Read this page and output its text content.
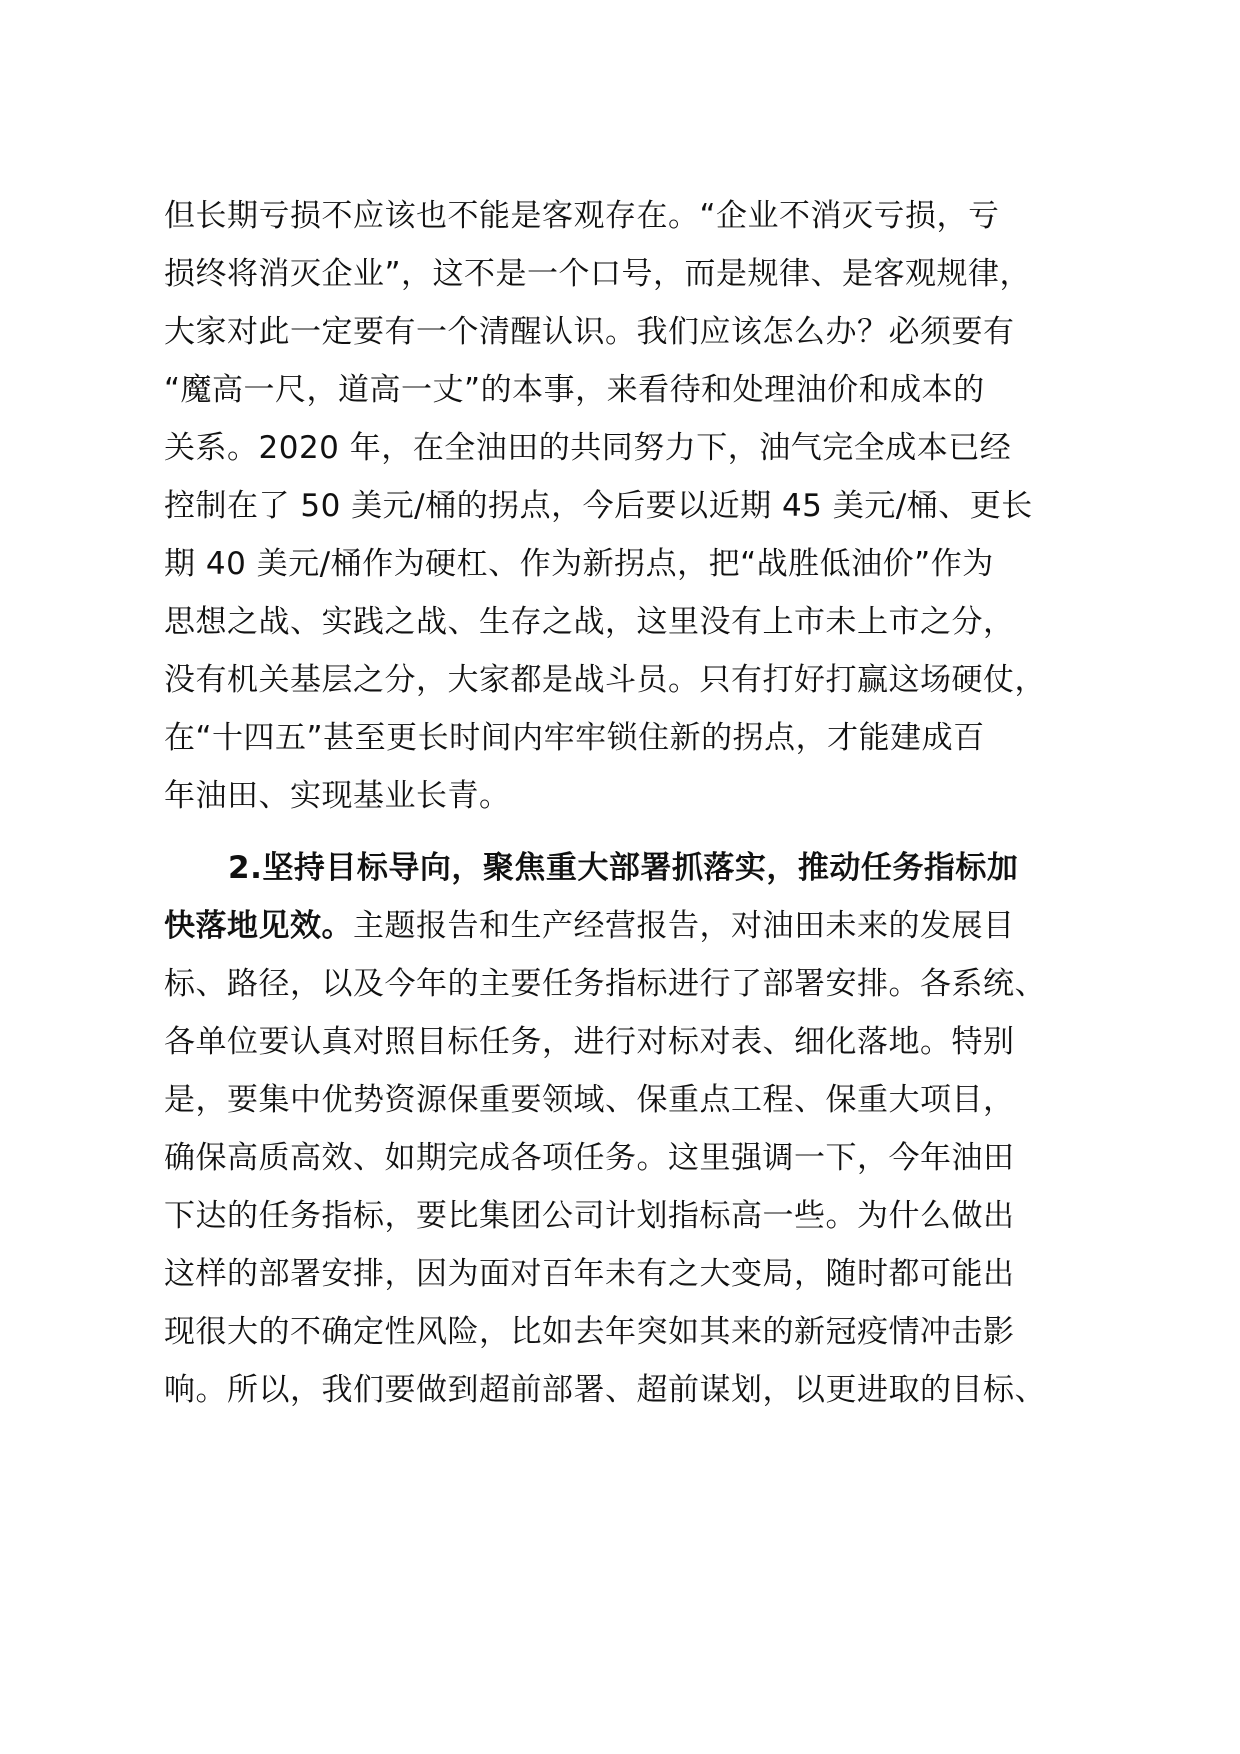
但长期亏损不应该也不能是客观存在。“企业不消灭亏损，亏
损终将消灭企业”，这不是一个口号，而是规律、是客观规律，
大家对此一定要有一个清醒认识。我们应该怎么办？必须要有
“魔高一尺，道高一丈”的本事，来看待和处理油价和成本的
关系。2020 年，在全油田的共同努力下，油气完全成本已经
控制在了 50 美元/桶的拐点，今后要以近期 45 美元/桶、更长
期 40 美元/桶作为硬杠、作为新拐点，把“战胜低油价”作为
思想之战、实践之战、生存之战，这里没有上市未上市之分，
没有机关基层之分，大家都是战斗员。只有打好打赢这场硬仗，
在“十四五”甚至更长时间内牢牢锁住新的拐点，才能建成百
年油田、实现基业长青。
2.坚持目标导向，聚焦重大部署抓落实，推动任务指标加
快落地见效。主题报告和生产经营报告，对油田未来的发展目
标、路径，以及今年的主要任务指标进行了部署安排。各系统、
各单位要认真对照目标任务，进行对标对表、细化落地。特别
是，要集中优势资源保重要领域、保重点工程、保重大项目，
确保高质高效、如期完成各项任务。这里强调一下，今年油田
下达的任务指标，要比集团公司计划指标高一些。为什么做出
这样的部署安排，因为面对百年未有之大变局，随时都可能出
现很大的不确定性风险，比如去年突如其来的新冠疫情冲击影
响。所以，我们要做到超前部署、超前谋划，以更进取的目标、
